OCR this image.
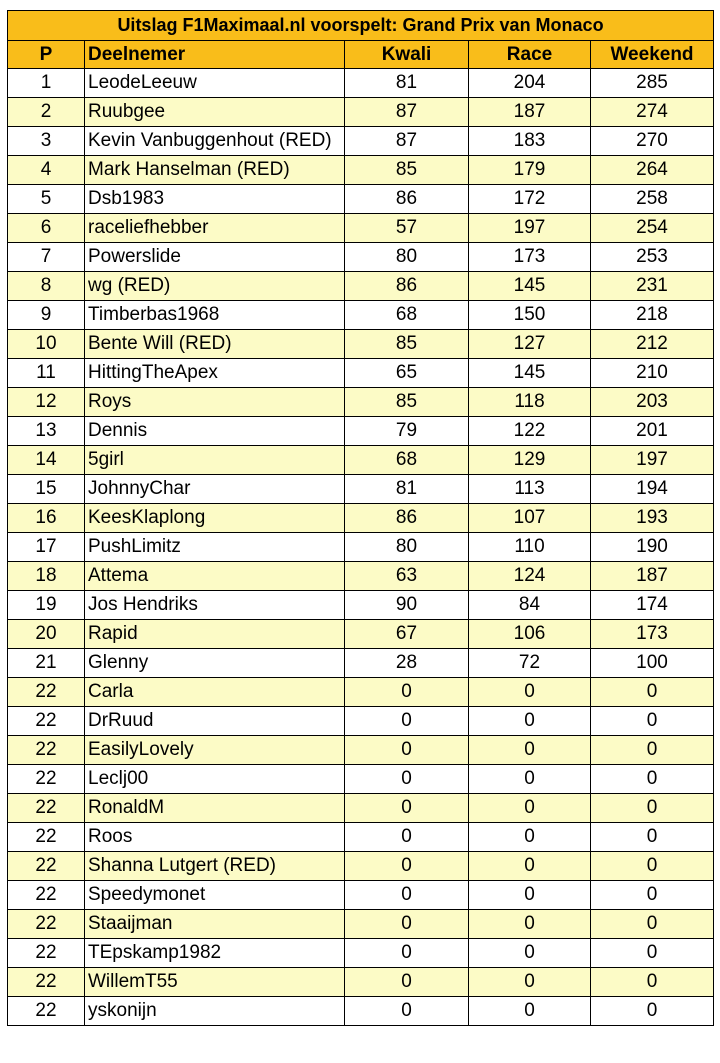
Uitslag F1Maximaal.nl voorspelt: Grand Prix van Monaco				
P	Deelnemer	Kwali	Race	Weekend
1	LeodeLeeuw	81	204	285
2	Ruubgee	87	187	274
3	Kevin Vanbuggenhout (RED)	87	183	270
4	Mark Hanselman (RED)	85	179	264
5	Dsb1983	86	172	258
6	raceliefhebber	57	197	254
7	Powerslide	80	173	253
8	wg (RED)	86	145	231
9	Timberbas1968	68	150	218
10	Bente Will (RED)	85	127	212
11	HittingTheApex	65	145	210
12	Roys	85	118	203
13	Dennis	79	122	201
14	5girl	68	129	197
15	JohnnyChar	81	113	194
16	KeesKlaplong	86	107	193
17	PushLimitz	80	110	190
18	Attema	63	124	187
19	Jos Hendriks	90	84	174
20	Rapid	67	106	173
21	Glenny	28	72	100
22	Carla	0	0	0
22	DrRuud	0	0	0
22	EasilyLovely	0	0	0
22	Leclj00	0	0	0
22	RonaldM	0	0	0
22	Roos	0	0	0
22	Shanna Lutgert (RED)	0	0	0
22	Speedymonet	0	0	0
22	Staaijman	0	0	0
22	TEpskamp1982	0	0	0
22	WillemT55	0	0	0
22	yskonijn	0	0	0
